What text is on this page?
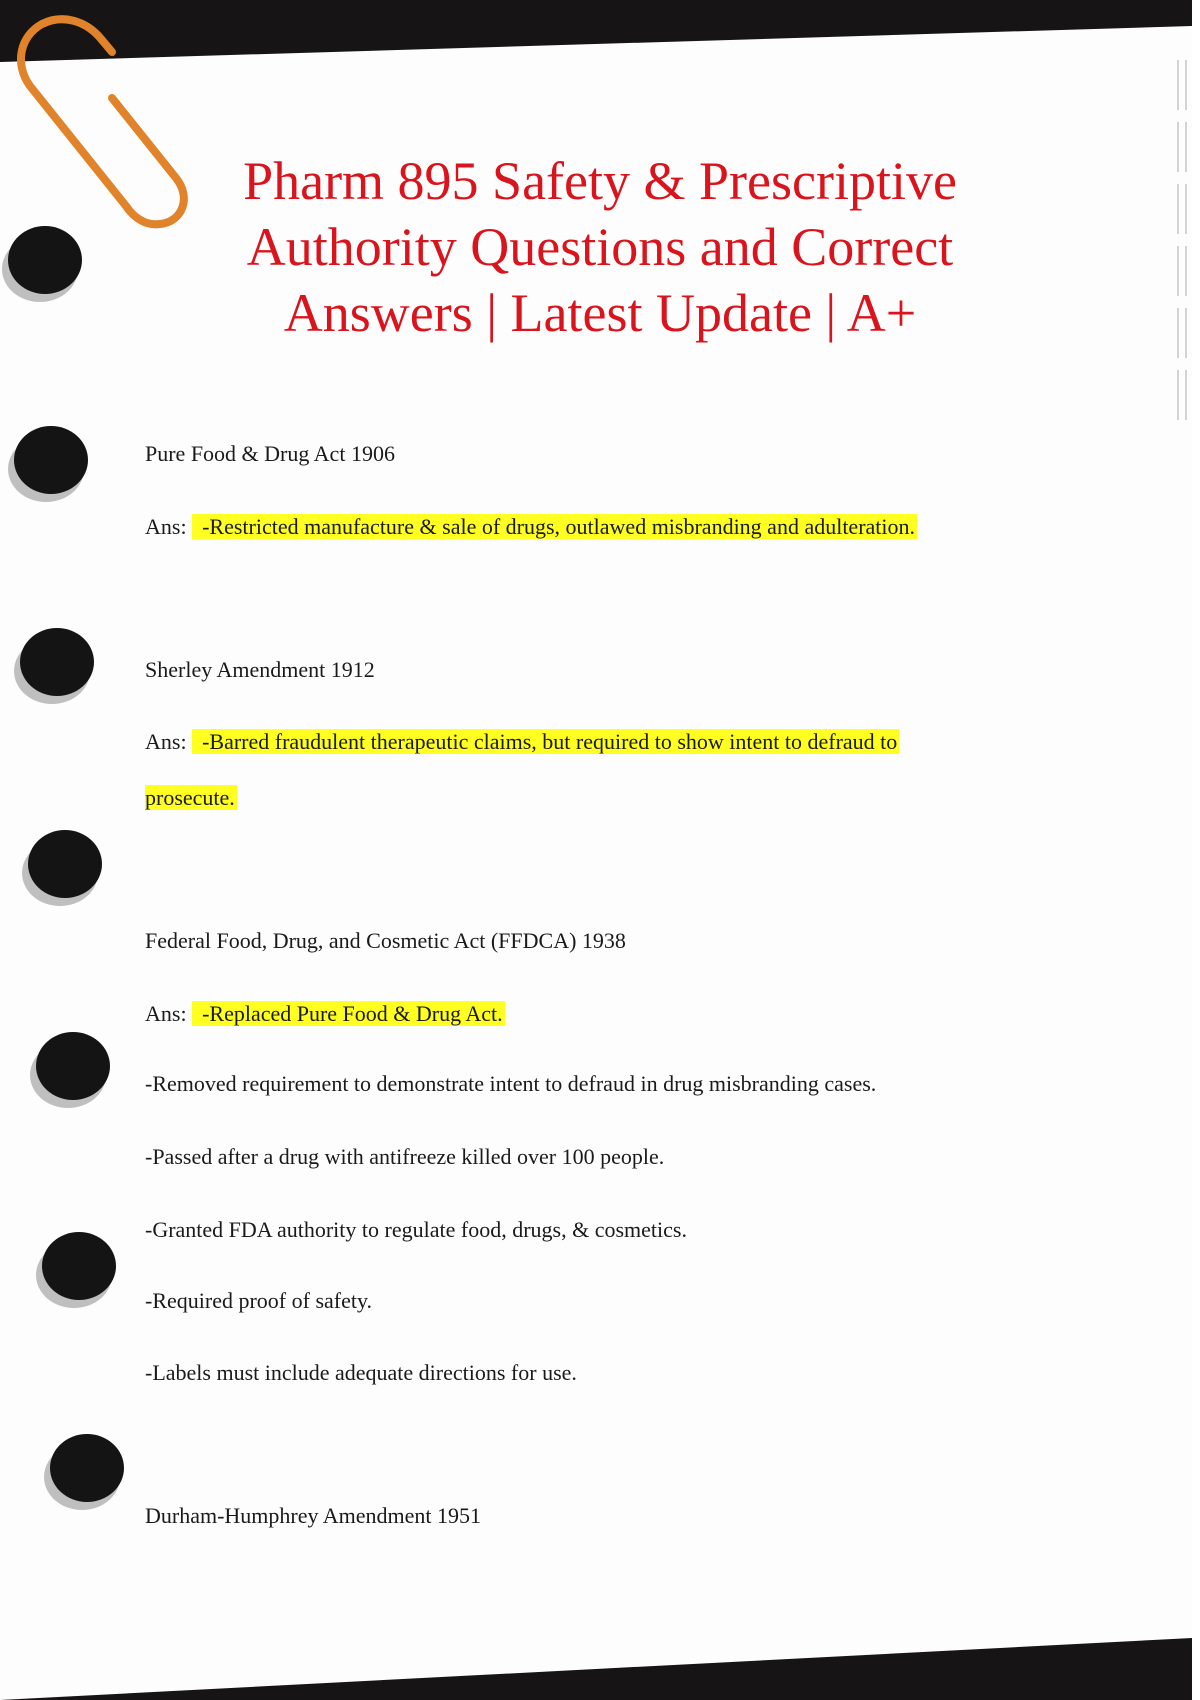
Pharm 895 Safety & Prescriptive
Authority Questions and Correct
Answers | Latest Update | A+
Pure Food & Drug Act 1906
Ans: -Restricted manufacture & sale of drugs, outlawed misbranding and adulteration.
Sherley Amendment 1912
Ans: -Barred fraudulent therapeutic claims, but required to show intent to defraud to
prosecute.
Federal Food, Drug, and Cosmetic Act (FFDCA) 1938
Ans: -Replaced Pure Food & Drug Act.
-Removed requirement to demonstrate intent to defraud in drug misbranding cases.
-Passed after a drug with antifreeze killed over 100 people.
-Granted FDA authority to regulate food, drugs, & cosmetics.
-Required proof of safety.
-Labels must include adequate directions for use.
Durham-Humphrey Amendment 1951
